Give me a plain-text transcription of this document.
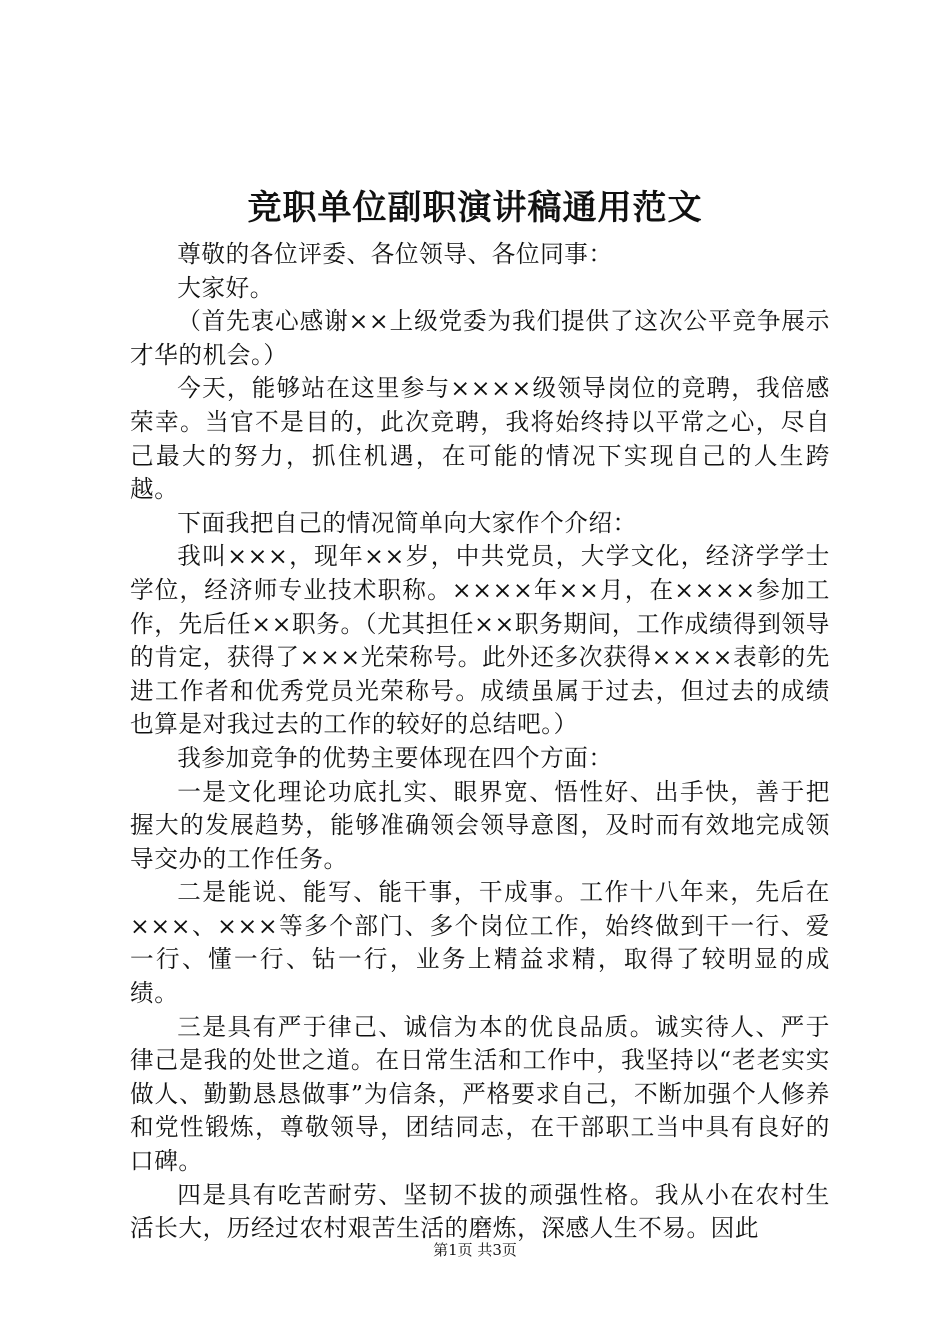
竞职单位副职演讲稿通用范文

尊敬的各位评委、各位领导、各位同事：

大家好。

（首先衷心感谢××上级党委为我们提供了这次公平竞争展示才华的机会。）

今天，能够站在这里参与××××级领导岗位的竞聘，我倍感荣幸。当官不是目的，此次竞聘，我将始终持以平常之心，尽自己最大的努力，抓住机遇，在可能的情况下实现自己的人生跨越。

下面我把自己的情况简单向大家作个介绍：

我叫×××，现年××岁，中共党员，大学文化，经济学学士学位，经济师专业技术职称。××××年××月，在××××参加工作，先后任××职务。（尤其担任××职务期间，工作成绩得到领导的肯定，获得了×××光荣称号。此外还多次获得××××表彰的先进工作者和优秀党员光荣称号。成绩虽属于过去，但过去的成绩也算是对我过去的工作的较好的总结吧。）

我参加竞争的优势主要体现在四个方面：

一是文化理论功底扎实、眼界宽、悟性好、出手快，善于把握大的发展趋势，能够准确领会领导意图，及时而有效地完成领导交办的工作任务。

二是能说、能写、能干事，干成事。工作十八年来，先后在×××、×××等多个部门、多个岗位工作，始终做到干一行、爱一行、懂一行、钻一行，业务上精益求精，取得了较明显的成绩。

三是具有严于律己、诚信为本的优良品质。诚实待人、严于律己是我的处世之道。在日常生活和工作中，我坚持以“老老实实做人、勤勤恳恳做事”为信条，严格要求自己，不断加强个人修养和党性锻炼，尊敬领导，团结同志，在干部职工当中具有良好的口碑。

四是具有吃苦耐劳、坚韧不拔的顽强性格。我从小在农村生活长大，历经过农村艰苦生活的磨炼，深感人生不易。因此

第1页 共3页
